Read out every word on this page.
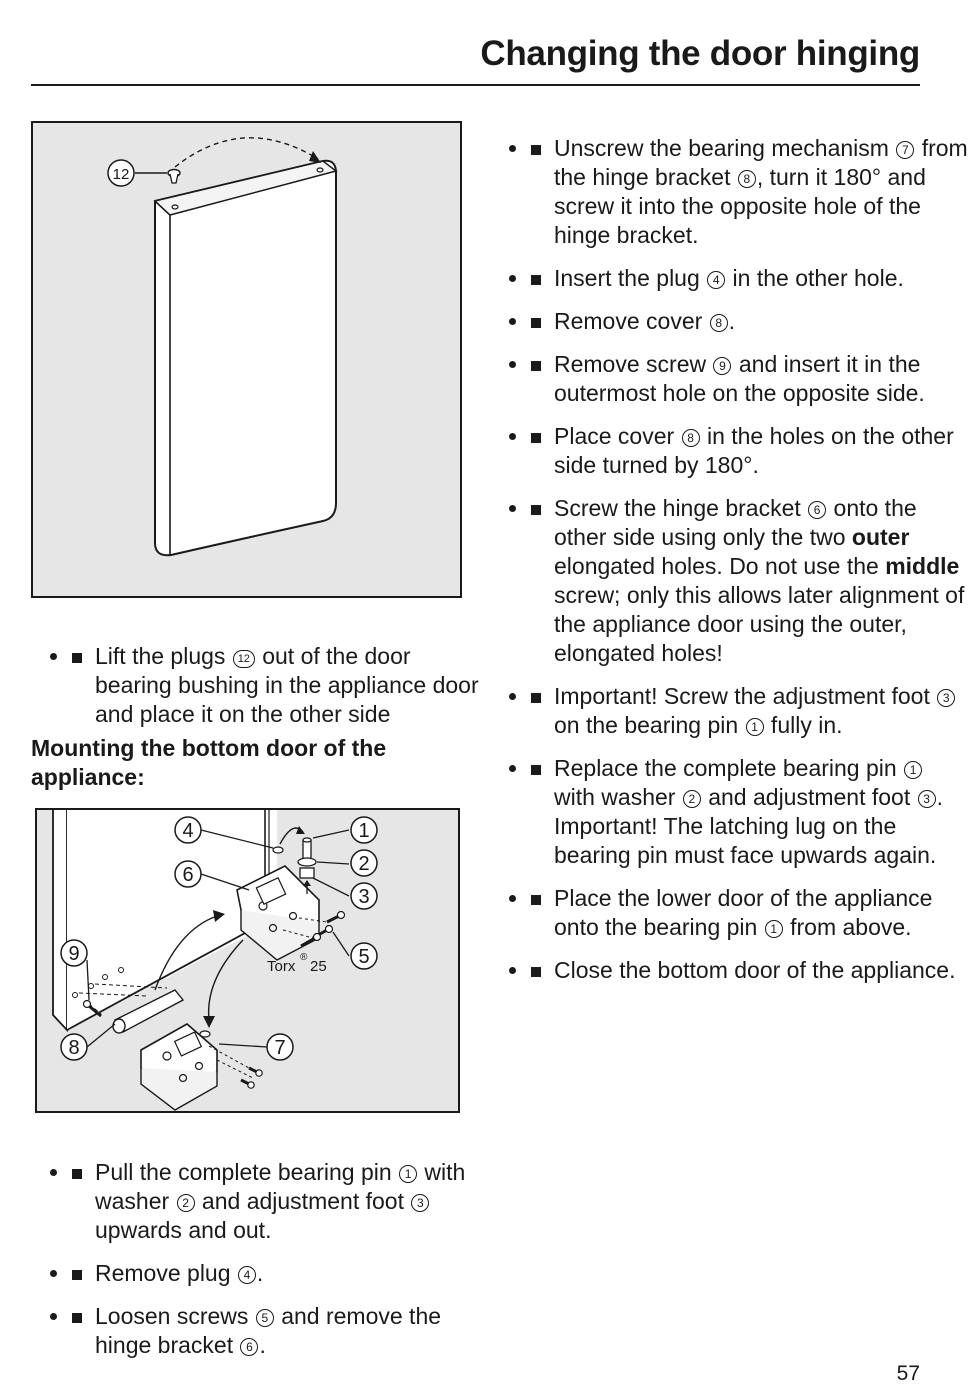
Changing the door hinging
12
• Lift the plugs 12 out of the door bearing bushing in the appliance door and place it on the other side
Mounting the bottom door of the appliance:
4	1
6	2
3
9	5
8	7
Torx
®
25
• Pull the complete bearing pin 1 with washer 2 and adjustment foot 3 upwards and out.
• Remove plug 4 .
• Loosen screws 5 and remove the hinge bracket 6 .
• Unscrew the bearing mechanism 7 from the hinge bracket 8 , turn it 180° and screw it into the opposite hole of the hinge bracket.
• Insert the plug 4 in the other hole.
• Remove cover 8 .
• Remove screw 9 and insert it in the outermost hole on the opposite side.
• Place cover 8 in the holes on the other side turned by 180°.
• Screw the hinge bracket 6 onto the other side using only the two outer elongated holes. Do not use the middle screw; only this allows later alignment of the appliance door using the outer, elongated holes!
• Important! Screw the adjustment foot 3 on the bearing pin 1 fully in.
• Replace the complete bearing pin 1 with washer 2 and adjustment foot 3 . Important! The latching lug on the bearing pin must face upwards again.
• Place the lower door of the appliance onto the bearing pin 1 from above.
• Close the bottom door of the appliance.
57
